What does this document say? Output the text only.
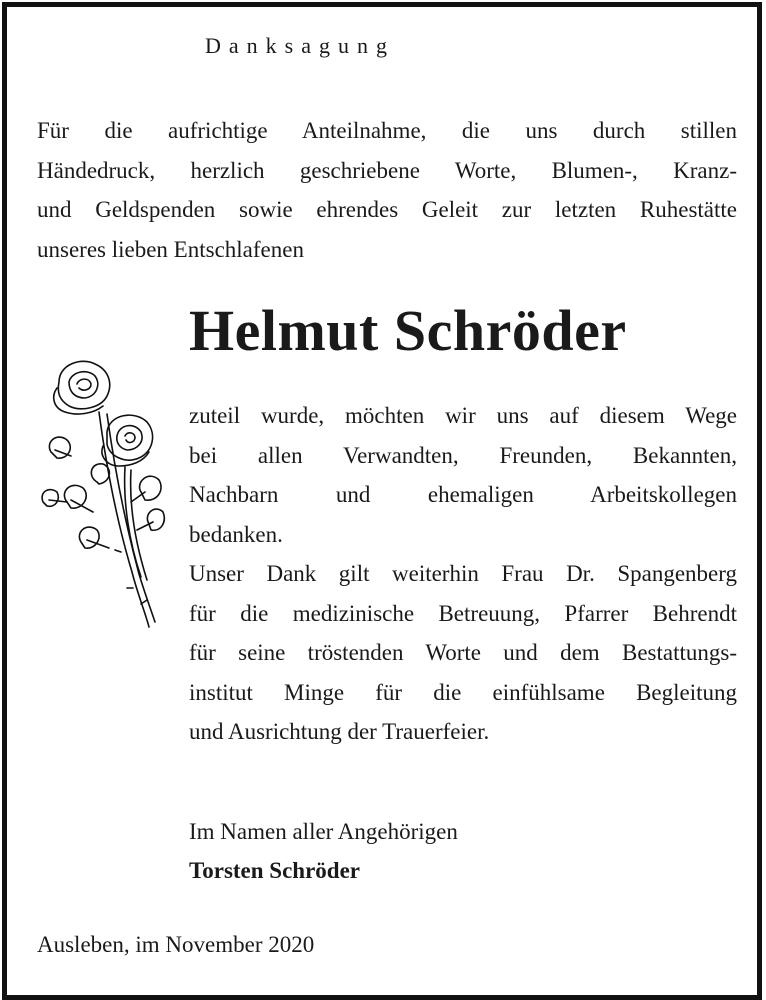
Danksagung
Für die aufrichtige Anteilnahme, die uns durch stillen
Händedruck, herzlich geschriebene Worte, Blumen-, Kranz-
und Geldspenden sowie ehrendes Geleit zur letzten Ruhestätte
unseres lieben Entschlafenen
Helmut Schröder
zuteil wurde, möchten wir uns auf diesem Wege
bei allen Verwandten, Freunden, Bekannten,
Nachbarn und ehemaligen Arbeitskollegen
bedanken.
Unser Dank gilt weiterhin Frau Dr. Spangenberg
für die medizinische Betreuung, Pfarrer Behrendt
für seine tröstenden Worte und dem Bestattungs-
institut Minge für die einfühlsame Begleitung
und Ausrichtung der Trauerfeier.
Im Namen aller Angehörigen
Torsten Schröder
Ausleben, im November 2020
